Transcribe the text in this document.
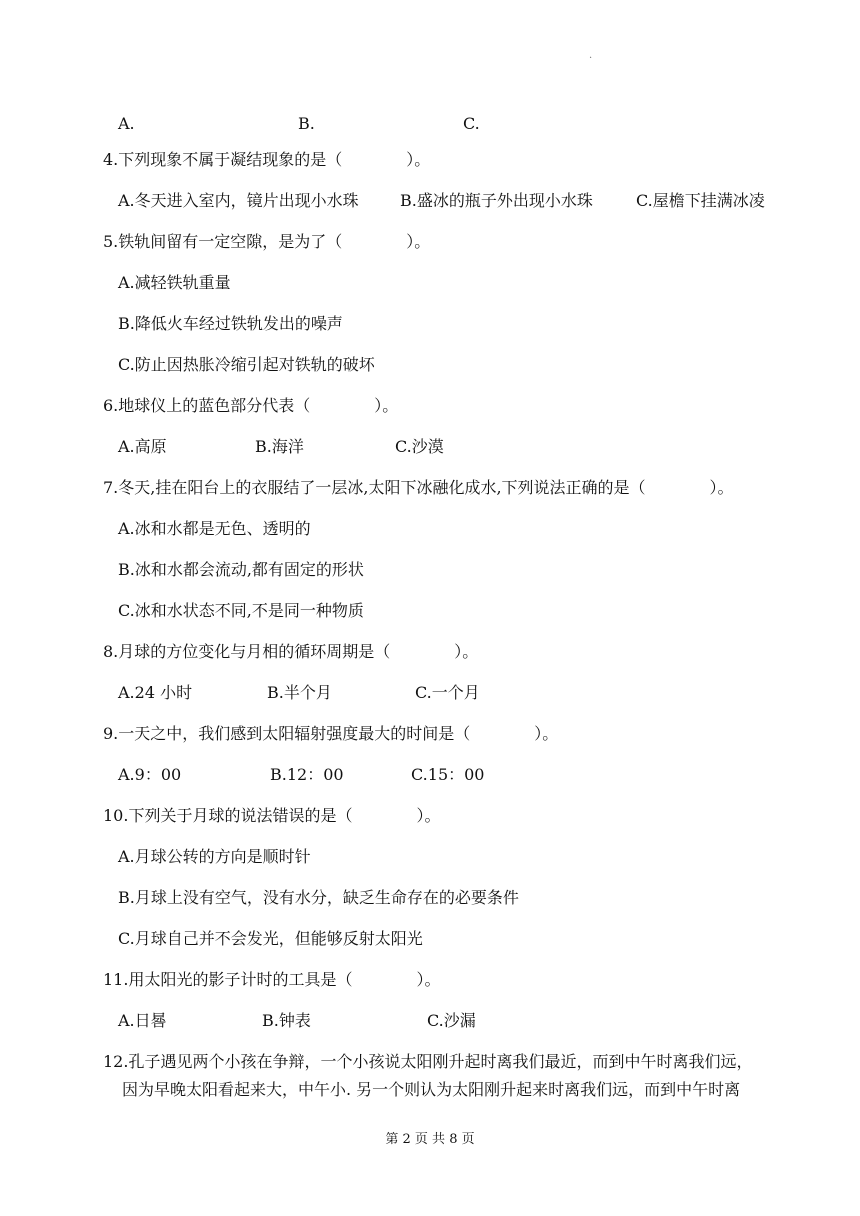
.
A.	B.	C.
4.下列现象不属于凝结现象的是（　　　　）。
A.冬天进入室内，镜片出现小水珠	B.盛冰的瓶子外出现小水珠	C.屋檐下挂满冰凌
5.铁轨间留有一定空隙，是为了（　　　　）。
A.减轻铁轨重量
B.降低火车经过铁轨发出的噪声
C.防止因热胀冷缩引起对铁轨的破坏
6.地球仪上的蓝色部分代表（　　　　）。
A.高原	B.海洋	C.沙漠
7.冬天,挂在阳台上的衣服结了一层冰,太阳下冰融化成水,下列说法正确的是（　　　　）。
A.冰和水都是无色、透明的
B.冰和水都会流动,都有固定的形状
C.冰和水状态不同,不是同一种物质
8.月球的方位变化与月相的循环周期是（　　　　）。
A.24 小时	B.半个月	C.一个月
9.一天之中，我们感到太阳辐射强度最大的时间是（　　　　）。
A.9：00	B.12：00	C.15：00
10.下列关于月球的说法错误的是（　　　　）。
A.月球公转的方向是顺时针
B.月球上没有空气，没有水分，缺乏生命存在的必要条件
C.月球自己并不会发光，但能够反射太阳光
11.用太阳光的影子计时的工具是（　　　　）。
A.日晷	B.钟表	C.沙漏
12.孔子遇见两个小孩在争辩，一个小孩说太阳刚升起时离我们最近，而到中午时离我们远，
因为早晚太阳看起来大，中午小. 另一个则认为太阳刚升起来时离我们远，而到中午时离
第 2 页 共 8 页
